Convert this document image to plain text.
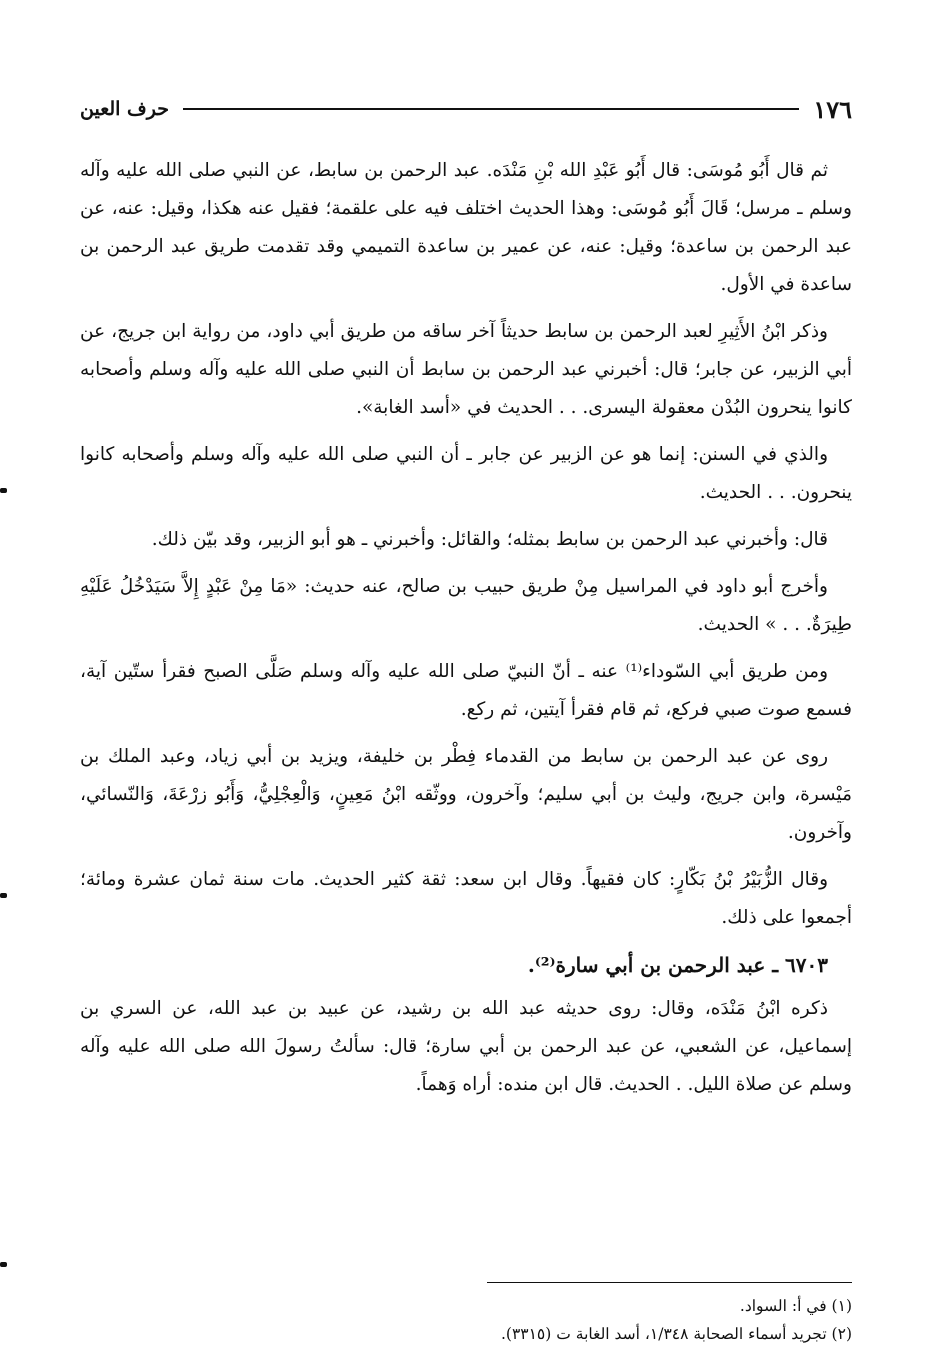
١٧٦
حرف العين

ثم قال أَبُو مُوسَى: قال أَبُو عَبْدِ الله بْنِ مَنْدَه. عبد الرحمن بن سابط، عن النبي صلى الله عليه وآله وسلم ـ مرسل؛ قَالَ أَبُو مُوسَى: وهذا الحديث اختلف فيه على علقمة؛ فقيل عنه هكذا، وقيل: عنه، عن عبد الرحمن بن ساعدة؛ وقيل: عنه، عن عمير بن ساعدة التميمي وقد تقدمت طريق عبد الرحمن بن ساعدة في الأول.

وذكر ابْنُ الأَثِيرِ لعبد الرحمن بن سابط حديثاً آخر ساقه من طريق أبي داود، من رواية ابن جريج، عن أبي الزبير، عن جابر؛ قال: أخبرني عبد الرحمن بن سابط أن النبي صلى الله عليه وآله وسلم وأصحابه كانوا ينحرون البُدْن معقولة اليسرى. . . الحديث في «أسد الغابة».

والذي في السنن: إنما هو عن الزبير عن جابر ـ أن النبي صلى الله عليه وآله وسلم وأصحابه كانوا ينحرون. . . الحديث.

قال: وأخبرني عبد الرحمن بن سابط بمثله؛ والقائل: وأخبرني ـ هو أبو الزبير، وقد بيّن ذلك.

وأخرج أبو داود في المراسيل مِنْ طريق حبيب بن صالح، عنه حديث: «مَا مِنْ عَبْدٍ إِلاَّ سَيَدْخُلُ عَلَيْهِ طِيرَةٌ. . . » الحديث.

ومن طريق أبي السّوداء⁽¹⁾ عنه ـ أنّ النبيّ صلى الله عليه وآله وسلم صَلَّى الصبح فقرأ ستّين آية، فسمع صوت صبي فركع، ثم قام فقرأ آيتين، ثم ركع.

روى عن عبد الرحمن بن سابط من القدماء فِطْر بن خليفة، ويزيد بن أبي زياد، وعبد الملك بن مَيْسرة، وابن جريج، وليث بن أبي سليم؛ وآخرون، ووثّقه ابْنُ مَعِينٍ، وَالْعِجْلِيُّ، وَأَبُو زرْعَةَ، وَالنّسائي، وآخرون.

وقال الزُّبَيْرُ بْنُ بَكّارٍ: كان فقيهاً. وقال ابن سعد: ثقة كثير الحديث. مات سنة ثمان عشرة ومائة؛ أجمعوا على ذلك.

٦٧٠٣ ـ عبد الرحمن بن أبي سارة⁽²⁾.

ذكره ابْنُ مَنْدَه، وقال: روى حديثه عبد الله بن رشيد، عن عبيد بن عبد الله، عن السري بن إسماعيل، عن الشعبي، عن عبد الرحمن بن أبي سارة؛ قال: سألتُ رسولَ الله صلى الله عليه وآله وسلم عن صلاة الليل. . الحديث. قال ابن منده: أراه وَهماً.

(١) في أ: السواد.

(٢) تجريد أسماء الصحابة ١/٣٤٨، أسد الغابة ت (٣٣١٥).
